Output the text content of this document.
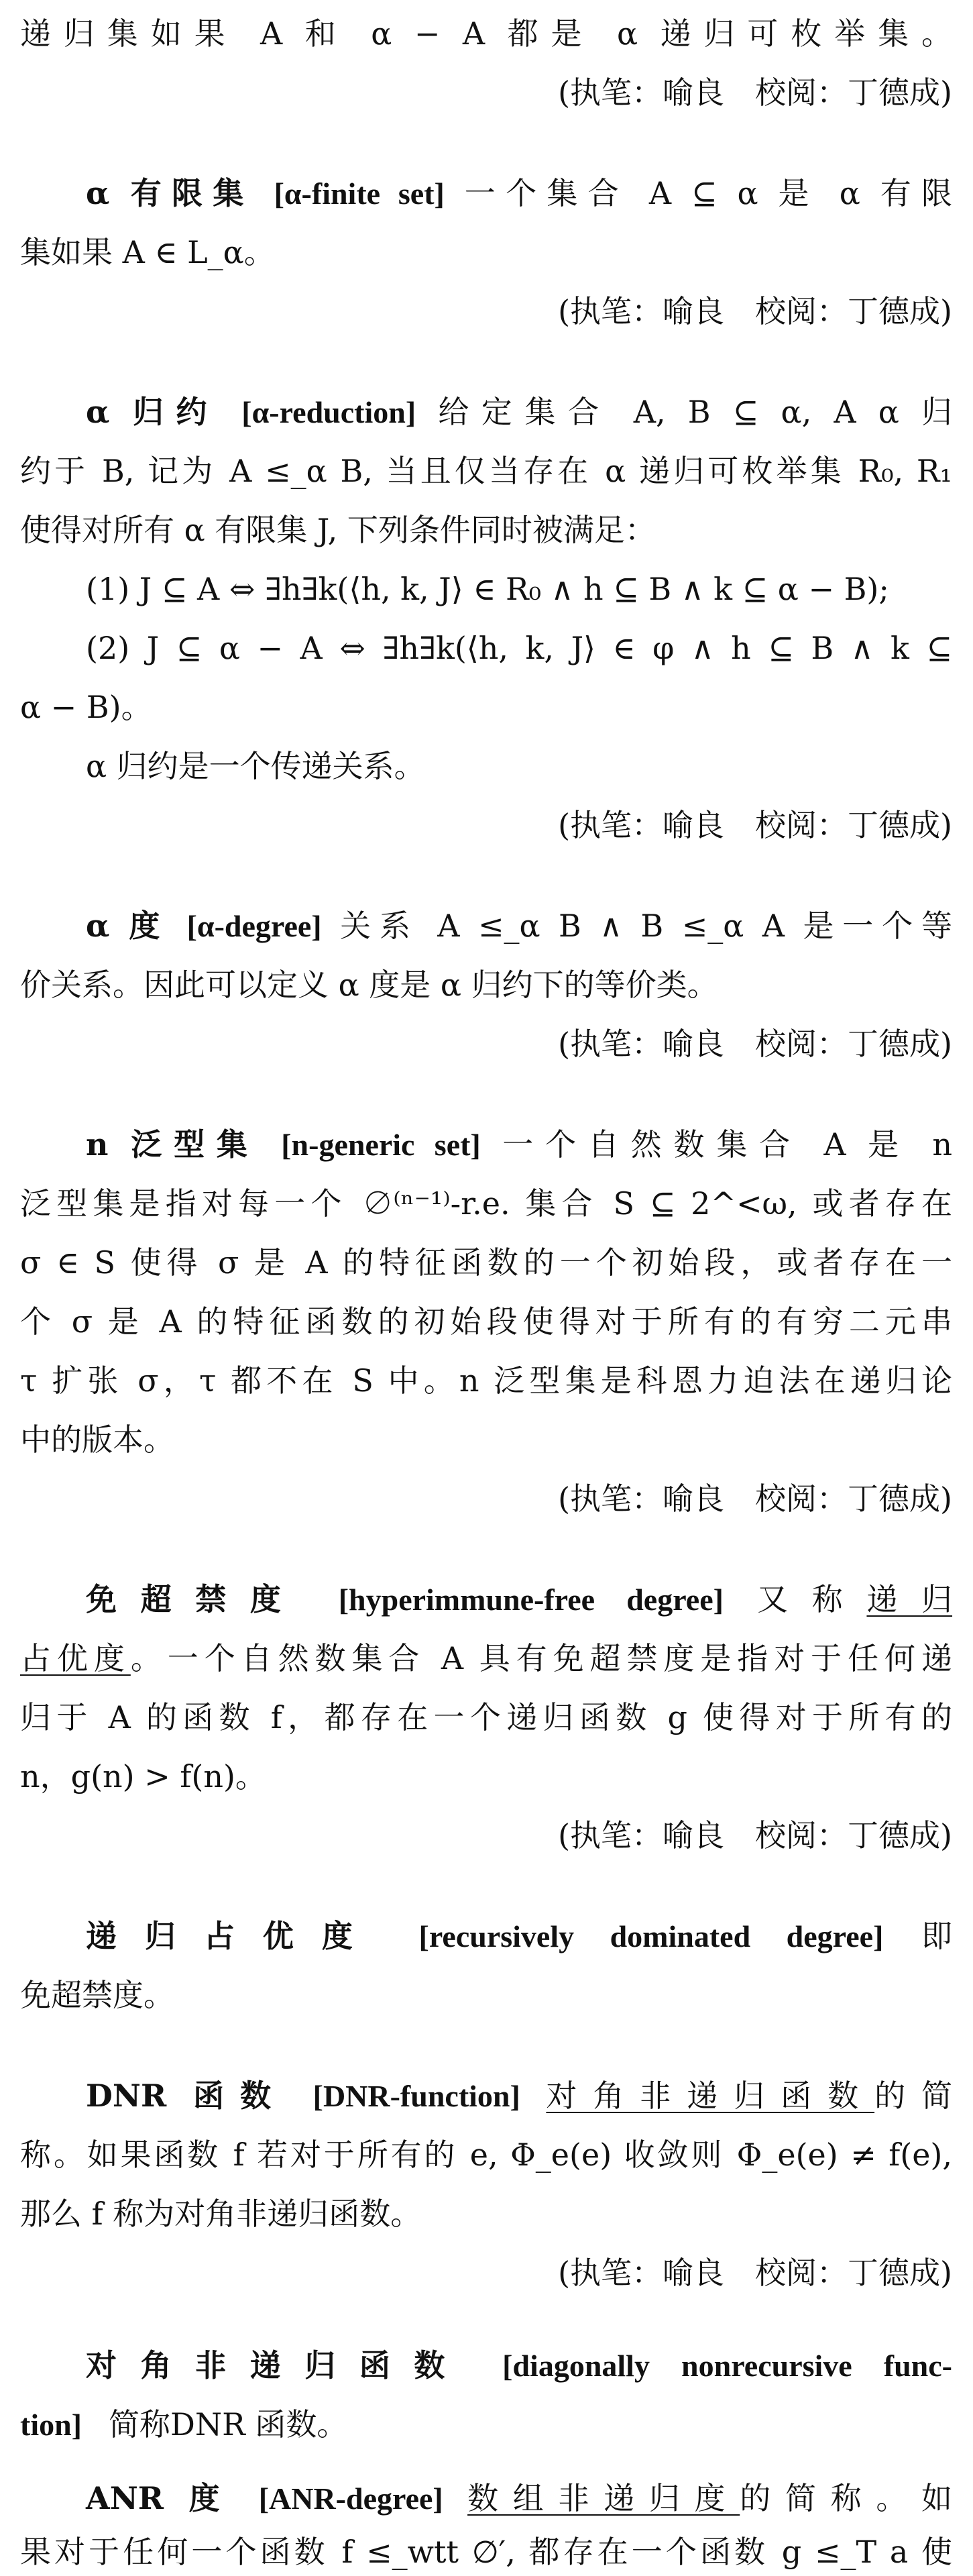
递归集如果 A 和 α − A 都是 α 递归可枚举集。
(执笔：喻良　校阅：丁德成)
α 有限集 [α-finite set] 一个集合 A ⊆ α 是 α 有限
集如果 A ∈ L_α。
(执笔：喻良　校阅：丁德成)
α 归约 [α-reduction] 给定集合 A, B ⊆ α, A α 归
约于 B, 记为 A ≤_α B, 当且仅当存在 α 递归可枚举集 R₀, R₁
使得对所有 α 有限集 J, 下列条件同时被满足：
(1) J ⊆ A ⇔ ∃h∃k(⟨h, k, J⟩ ∈ R₀ ∧ h ⊆ B ∧ k ⊆ α − B);
(2) J ⊆ α − A ⇔ ∃h∃k(⟨h, k, J⟩ ∈ φ ∧ h ⊆ B ∧ k ⊆
α − B)。
α 归约是一个传递关系。
(执笔：喻良　校阅：丁德成)
α 度 [α-degree] 关系 A ≤_α B ∧ B ≤_α A 是一个等
价关系。因此可以定义 α 度是 α 归约下的等价类。
(执笔：喻良　校阅：丁德成)
n 泛型集 [n-generic set] 一个自然数集合 A 是 n
泛型集是指对每一个 ∅⁽ⁿ⁻¹⁾-r.e. 集合 S ⊆ 2^<ω, 或者存在
σ ∈ S 使得 σ 是 A 的特征函数的一个初始段，或者存在一
个 σ 是 A 的特征函数的初始段使得对于所有的有穷二元串
τ 扩张 σ，τ 都不在 S 中。n 泛型集是科恩力迫法在递归论
中的版本。
(执笔：喻良　校阅：丁德成)
免超禁度 [hyperimmune-free degree] 又称递归
占优度。一个自然数集合 A 具有免超禁度是指对于任何递
归于 A 的函数 f，都存在一个递归函数 g 使得对于所有的
n，g(n) > f(n)。
(执笔：喻良　校阅：丁德成)
递归占优度 [recursively dominated degree] 即
免超禁度。
DNR 函数 [DNR-function] 对角非递归函数的简
称。如果函数 f 若对于所有的 e, Φ_e(e) 收敛则 Φ_e(e) ≠ f(e),
那么 f 称为对角非递归函数。
(执笔：喻良　校阅：丁德成)
对角非递归函数 [diagonally nonrecursive func-
tion] 简称DNR 函数。
ANR 度 [ANR-degree] 数组非递归度的简称。如
果对于任何一个函数 f ≤_wtt ∅′, 都存在一个函数 g ≤_T a 使
